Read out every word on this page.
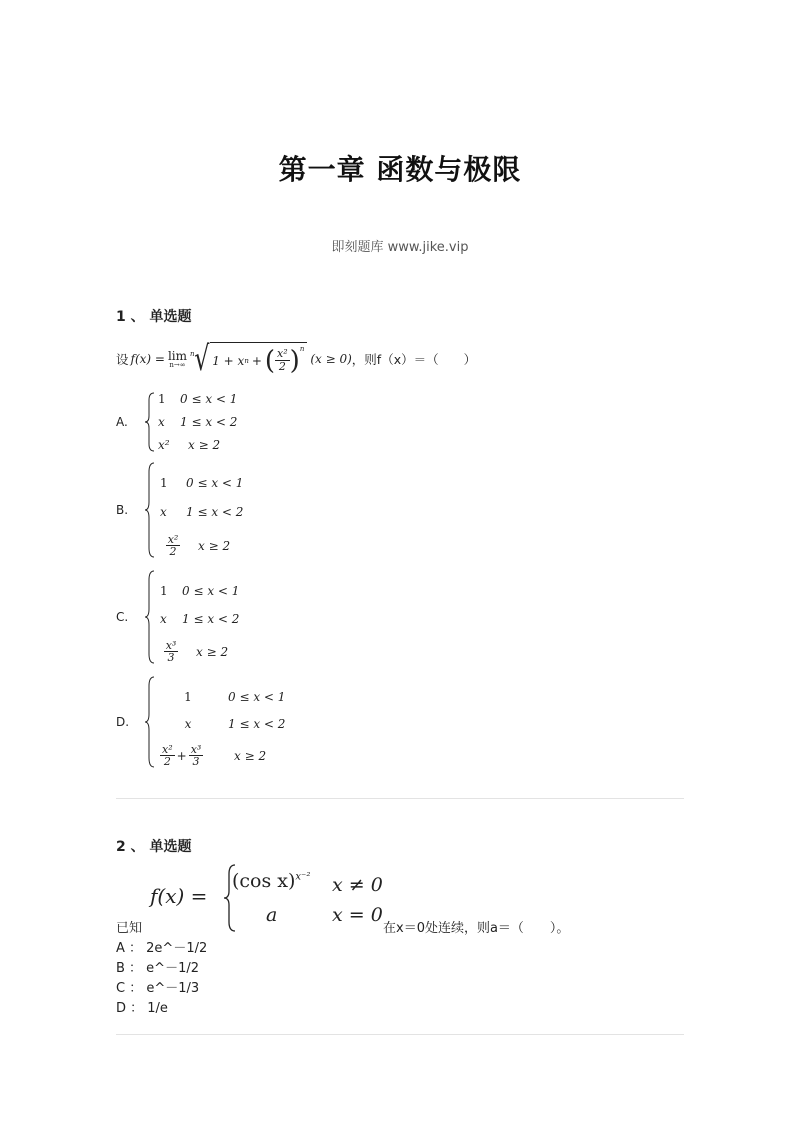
第一章 函数与极限
即刻题库 www.jike.vip
1 、 单选题
设 f(x) = lim
n→∞
n √ 1 + x n + ( $\frac{\text{x²}}{2} )^n$
(x ≥ 0) ，则f（x）＝（　　）
A.
1	0 ≤ x < 1
x	1 ≤ x < 2
x²	x ≥ 2
B.
1	0 ≤ x < 1
x	1 ≤ x < 2
$\frac{\text{x²}}{2}$ x ≥ 2
C.
1	0 ≤ x < 1
x	1 ≤ x < 2
$\frac{\text{x³}}{3}$ x ≥ 2
D.
1	0 ≤ x < 1
x	1 ≤ x < 2
$\frac{\text{x²}}{2} + \frac{\text{x³}}{3}$	x ≥ 2
2 、 单选题
f(x) =
(cos x)$^{x^{-2}}$ x ≠ 0
a	x = 0
已知	在x＝0处连续，则a＝（　　）。
A ： 2e^－1/2
B ： e^－1/2
C ： e^－1/3
D ： 1/e
